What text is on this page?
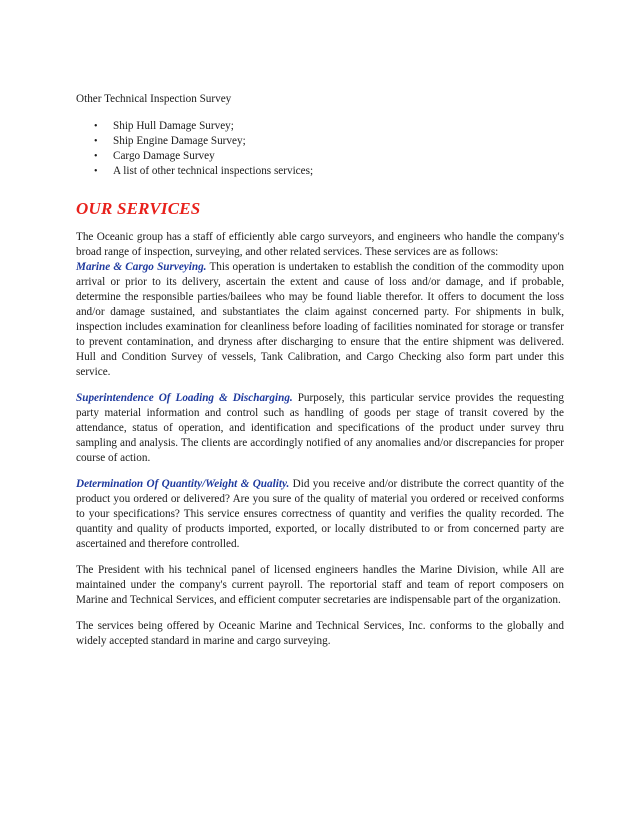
Other Technical Inspection Survey

• Ship Hull Damage Survey;
• Ship Engine Damage Survey;
• Cargo Damage Survey
• A list of other technical inspections services;
OUR SERVICES

The Oceanic group has a staff of efficiently able cargo surveyors, and engineers who handle the company's broad range of inspection, surveying, and other related services. These services are as follows:

Marine & Cargo Surveying. This operation is undertaken to establish the condition of the commodity upon arrival or prior to its delivery, ascertain the extent and cause of loss and/or damage, and if probable, determine the responsible parties/bailees who may be found liable therefor. It offers to document the loss and/or damage sustained, and substantiates the claim against concerned party. For shipments in bulk, inspection includes examination for cleanliness before loading of facilities nominated for storage or transfer to prevent contamination, and dryness after discharging to ensure that the entire shipment was delivered. Hull and Condition Survey of vessels, Tank Calibration, and Cargo Checking also form part under this service.

Superintendence Of Loading & Discharging. Purposely, this particular service provides the requesting party material information and control such as handling of goods per stage of transit covered by the attendance, status of operation, and identification and specifications of the product under survey thru sampling and analysis. The clients are accordingly notified of any anomalies and/or discrepancies for proper course of action.

Determination Of Quantity/Weight & Quality. Did you receive and/or distribute the correct quantity of the product you ordered or delivered? Are you sure of the quality of material you ordered or received conforms to your specifications? This service ensures correctness of quantity and verifies the quality recorded. The quantity and quality of products imported, exported, or locally distributed to or from concerned party are ascertained and therefore controlled.

The President with his technical panel of licensed engineers handles the Marine Division, while All are maintained under the company's current payroll. The reportorial staff and team of report composers on Marine and Technical Services, and efficient computer secretaries are indispensable part of the organization.

The services being offered by Oceanic Marine and Technical Services, Inc. conforms to the globally and widely accepted standard in marine and cargo surveying.
